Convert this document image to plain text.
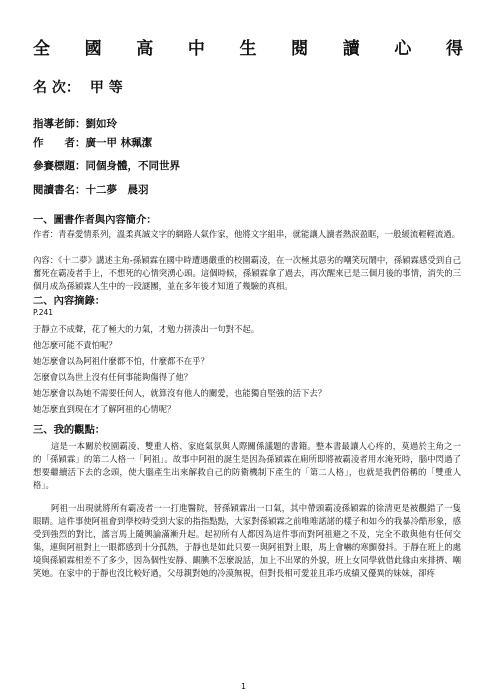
全 國 高 中 生 閱 讀 心 得
名 次： 甲 等
指導老師：劉如玲
作　　者：廣一甲 林珮潔
參賽標題：同個身體，不同世界
閱讀書名：十二夢　晨羽
一、圖書作者與內容簡介：
作者：青春愛情系列，溫柔真誠文字的網路人氣作家，他將文字組串，就能讓人讀者熱淚盈眶，一般緩流輕輕流過。
內容：《十二夢》講述主角-孫穎霖在國中時遭遇嚴重的校園霸凌，在一次極其惡劣的嘲笑玩鬧中，孫穎霖感受到自己奮死在霸凌者手上，不想死的心情突湧心頭。這個時候，孫穎霖拿了過去，再次醒來已是三個月後的事情，消失的三個月成為孫穎霖人生中的一段謎團，並在多年後才知道了幾驗的真相。
二、內容摘錄：
P.241
于靜立不成聲，花了極大的力氣，才勉力拼湊出一句對不起。
他怎麼可能不責怕呢？
她怎麼會以為阿祖什麼都不怕，什麼都不在乎？
怎麼會以為世上沒有任何事能夠傷得了他？
她怎麼會以為她不需要任何人，就算沒有他人的關愛，也能獨自堅強的活下去？
她怎麼直到現在才了解阿祖的心情呢？
三、我的觀點：
這是一本關於校園霸凌、雙重人格、家庭氣氛與人際關係議題的書籍。整本書最讓人心疼的，莫過於主角之一的「孫穎霖」的第二人格一「阿祖」。故事中阿祖的誕生是因為孫穎霖在廁所即將被霸凌者用水淹死時，腦中閃過了想要繼續活下去的念頭，使大腦產生出來解救自己的防衛機制下產生的「第二人格」，也就是我們俗稱的「雙重人格」。
阿祖一出現就將所有霸凌者一一打進醫院，替孫穎霖出一口氣，其中帶頭霸凌孫穎霖的徐清更是被觀錯了一隻眼睛。這件事使阿祖會到學校時受到大家的指指點點，大家對孫穎霖之前唯唯諾諾的樣子和如今的我暴冷酷形象，感受到強烈的對比，謠言馬上隨興論滿漸升起。起初所有人都因為這件事而對阿祖避之不及，完全不敢與他有任何交集，連與阿祖對上一眼都感到十分孤熱，于靜也是如此只要一與阿祖對上眼，馬上會嚇的寒顫發抖。于靜在班上的處境與孫穎霖相差不了多少，因為個性安靜、靦腆不怎麼說話，加上不出眾的外貌，班上女同學就借此緣由來排擠、嘲笑她。在家中的于靜也沒比較好過，父母親對她的冷漠無視，但對長相可愛並且乖巧成績又優異的妹妹，卻疼
1
